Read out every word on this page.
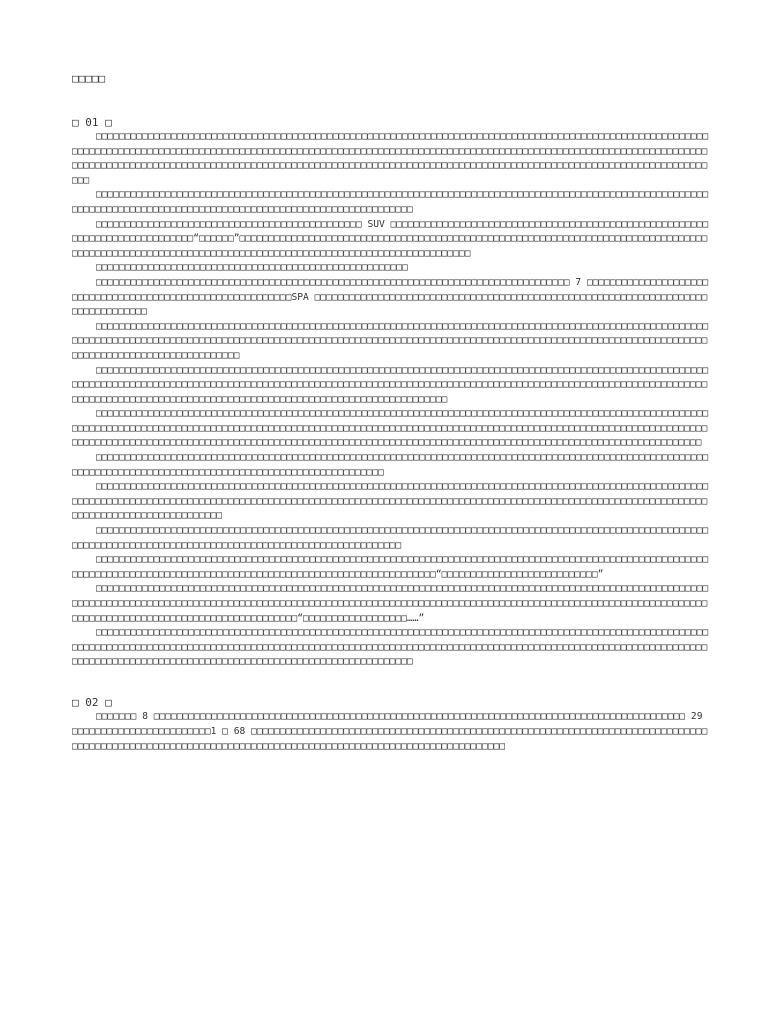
□□□□□
□ 01 □

□□□□□□□□□□□□□□□□□□□□□□□□□□□□□□□□□□□□□□□□□□□□□□□□□□□□□□□□□□□□□□□□□□□□□□□□□□□□□□□□□□□□□□□□□□□□□□□□□□□□□□□□□□□□□□□□□□□□□□□□□□□□□□□□□□□□□□□□□□□□□□□□□□□□□□□□□□□□□□□□□□□□□□□□□□□□□□□□□□□□□□□□□□□□□□□□□□□□□□□□□□□□□□□□□□□□□□□□□□□□□□□□□□□□□□□□□□□□□□□□□□□□□□□□□□□□□□□□□□□□□□□□□□□□□□□□□□□□□□□□□□□□□□□□□□□□□□□□□□□□□□□□□□□□□□□□□□□□□□□□□□□□□□□□□

□□□□□□□□□□□□□□□□□□□□□□□□□□□□□□□□□□□□□□□□□□□□□□□□□□□□□□□□□□□□□□□□□□□□□□□□□□□□□□□□□□□□□□□□□□□□□□□□□□□□□□□□□□□□□□□□□□□□□□□□□□□□□□□□□□□□□□□□□□□□□□□□□□□□□□□□□□□□□□□□□□□□□

□□□□□□□□□□□□□□□□□□□□□□□□□□□□□□□□□□□□□□□□□□□□□□ SUV □□□□□□□□□□□□□□□□□□□□□□□□□□□□□□□□□□□□□□□□□□□□□□□□□□□□□□□□□□□□□□□□□□□□□□□□□□□□“□□□□□□”□□□□□□□□□□□□□□□□□□□□□□□□□□□□□□□□□□□□□□□□□□□□□□□□□□□□□□□□□□□□□□□□□□□□□□□□□□□□□□□□□□□□□□□□□□□□□□□□□□□□□□□□□□□□□□□□□□□□□□□□□□□□□□□□□□□□□□□□□□□□□□□□□□□□□□

□□□□□□□□□□□□□□□□□□□□□□□□□□□□□□□□□□□□□□□□□□□□□□□□□□□□□□

□□□□□□□□□□□□□□□□□□□□□□□□□□□□□□□□□□□□□□□□□□□□□□□□□□□□□□□□□□□□□□□□□□□□□□□□□□□□□□□□□□ 7 □□□□□□□□□□□□□□□□□□□□□□□□□□□□□□□□□□□□□□□□□□□□□□□□□□□□□□□□□□□SPA □□□□□□□□□□□□□□□□□□□□□□□□□□□□□□□□□□□□□□□□□□□□□□□□□□□□□□□□□□□□□□□□□□□□□□□□□□□□□□□□□

□□□□□□□□□□□□□□□□□□□□□□□□□□□□□□□□□□□□□□□□□□□□□□□□□□□□□□□□□□□□□□□□□□□□□□□□□□□□□□□□□□□□□□□□□□□□□□□□□□□□□□□□□□□□□□□□□□□□□□□□□□□□□□□□□□□□□□□□□□□□□□□□□□□□□□□□□□□□□□□□□□□□□□□□□□□□□□□□□□□□□□□□□□□□□□□□□□□□□□□□□□□□□□□□□□□□□□□□□□□□□□□□□□□□□□□□□□□□□□□□□□□□□

□□□□□□□□□□□□□□□□□□□□□□□□□□□□□□□□□□□□□□□□□□□□□□□□□□□□□□□□□□□□□□□□□□□□□□□□□□□□□□□□□□□□□□□□□□□□□□□□□□□□□□□□□□□□□□□□□□□□□□□□□□□□□□□□□□□□□□□□□□□□□□□□□□□□□□□□□□□□□□□□□□□□□□□□□□□□□□□□□□□□□□□□□□□□□□□□□□□□□□□□□□□□□□□□□□□□□□□□□□□□□□□□□□□□□□□□□□□□□□□□□□□□□□□□□□□□□□□□□□□□□□□□□□□□□□□□□□□□□□□□□

□□□□□□□□□□□□□□□□□□□□□□□□□□□□□□□□□□□□□□□□□□□□□□□□□□□□□□□□□□□□□□□□□□□□□□□□□□□□□□□□□□□□□□□□□□□□□□□□□□□□□□□□□□□□□□□□□□□□□□□□□□□□□□□□□□□□□□□□□□□□□□□□□□□□□□□□□□□□□□□□□□□□□□□□□□□□□□□□□□□□□□□□□□□□□□□□□□□□□□□□□□□□□□□□□□□□□□□□□□□□□□□□□□□□□□□□□□□□□□□□□□□□□□□□□□□□□□□□□□□□□□□□□□□□□□□□□□□□□□□□□□□□□□□□□□□□□□□□□□□□□□□□□□□□□□□□□□□□□□□□□□□□□

□□□□□□□□□□□□□□□□□□□□□□□□□□□□□□□□□□□□□□□□□□□□□□□□□□□□□□□□□□□□□□□□□□□□□□□□□□□□□□□□□□□□□□□□□□□□□□□□□□□□□□□□□□□□□□□□□□□□□□□□□□□□□□□□□□□□□□□□□□□□□□□□□□□□□□□□□□□□□□□□

□□□□□□□□□□□□□□□□□□□□□□□□□□□□□□□□□□□□□□□□□□□□□□□□□□□□□□□□□□□□□□□□□□□□□□□□□□□□□□□□□□□□□□□□□□□□□□□□□□□□□□□□□□□□□□□□□□□□□□□□□□□□□□□□□□□□□□□□□□□□□□□□□□□□□□□□□□□□□□□□□□□□□□□□□□□□□□□□□□□□□□□□□□□□□□□□□□□□□□□□□□□□□□□□□□□□□□□□□□□□□□□□□□□□□□□□□□□□□□□□□□

□□□□□□□□□□□□□□□□□□□□□□□□□□□□□□□□□□□□□□□□□□□□□□□□□□□□□□□□□□□□□□□□□□□□□□□□□□□□□□□□□□□□□□□□□□□□□□□□□□□□□□□□□□□□□□□□□□□□□□□□□□□□□□□□□□□□□□□□□□□□□□□□□□□□□□□□□□□□□□□□□□□

□□□□□□□□□□□□□□□□□□□□□□□□□□□□□□□□□□□□□□□□□□□□□□□□□□□□□□□□□□□□□□□□□□□□□□□□□□□□□□□□□□□□□□□□□□□□□□□□□□□□□□□□□□□□□□□□□□□□□□□□□□□□□□□□□□□□□□□□□□□□□□□□□□□□□□□□□□□□□□□□□□□□□□□□□“□□□□□□□□□□□□□□□□□□□□□□□□□□□”

□□□□□□□□□□□□□□□□□□□□□□□□□□□□□□□□□□□□□□□□□□□□□□□□□□□□□□□□□□□□□□□□□□□□□□□□□□□□□□□□□□□□□□□□□□□□□□□□□□□□□□□□□□□□□□□□□□□□□□□□□□□□□□□□□□□□□□□□□□□□□□□□□□□□□□□□□□□□□□□□□□□□□□□□□□□□□□□□□□□□□□□□□□□□□□□□□□□□□□□□□□□□□□□□□□□□□□□□□□□□□□□□□□□□□□□□□□□□□□□□□□□□□□□□□□□□□□□“□□□□□□□□□□□□□□□□□□……”

□□□□□□□□□□□□□□□□□□□□□□□□□□□□□□□□□□□□□□□□□□□□□□□□□□□□□□□□□□□□□□□□□□□□□□□□□□□□□□□□□□□□□□□□□□□□□□□□□□□□□□□□□□□□□□□□□□□□□□□□□□□□□□□□□□□□□□□□□□□□□□□□□□□□□□□□□□□□□□□□□□□□□□□□□□□□□□□□□□□□□□□□□□□□□□□□□□□□□□□□□□□□□□□□□□□□□□□□□□□□□□□□□□□□□□□□□□□□□□□□□□□□□□□□□□□□□□□□□□□□□□□□□□□□□□□□□□□

□ 02 □

□□□□□□□ 8 □□□□□□□□□□□□□□□□□□□□□□□□□□□□□□□□□□□□□□□□□□□□□□□□□□□□□□□□□□□□□□□□□□□□□□□□□□□□□□□□□□□□□□□□□□□□ 29 □□□□□□□□□□□□□□□□□□□□□□□□1 □ 68 □□□□□□□□□□□□□□□□□□□□□□□□□□□□□□□□□□□□□□□□□□□□□□□□□□□□□□□□□□□□□□□□□□□□□□□□□□□□□□□□□□□□□□□□□□□□□□□□□□□□□□□□□□□□□□□□□□□□□□□□□□□□□□□□□□□□□□□□□□□□□□□□□□□□□□□□□□
